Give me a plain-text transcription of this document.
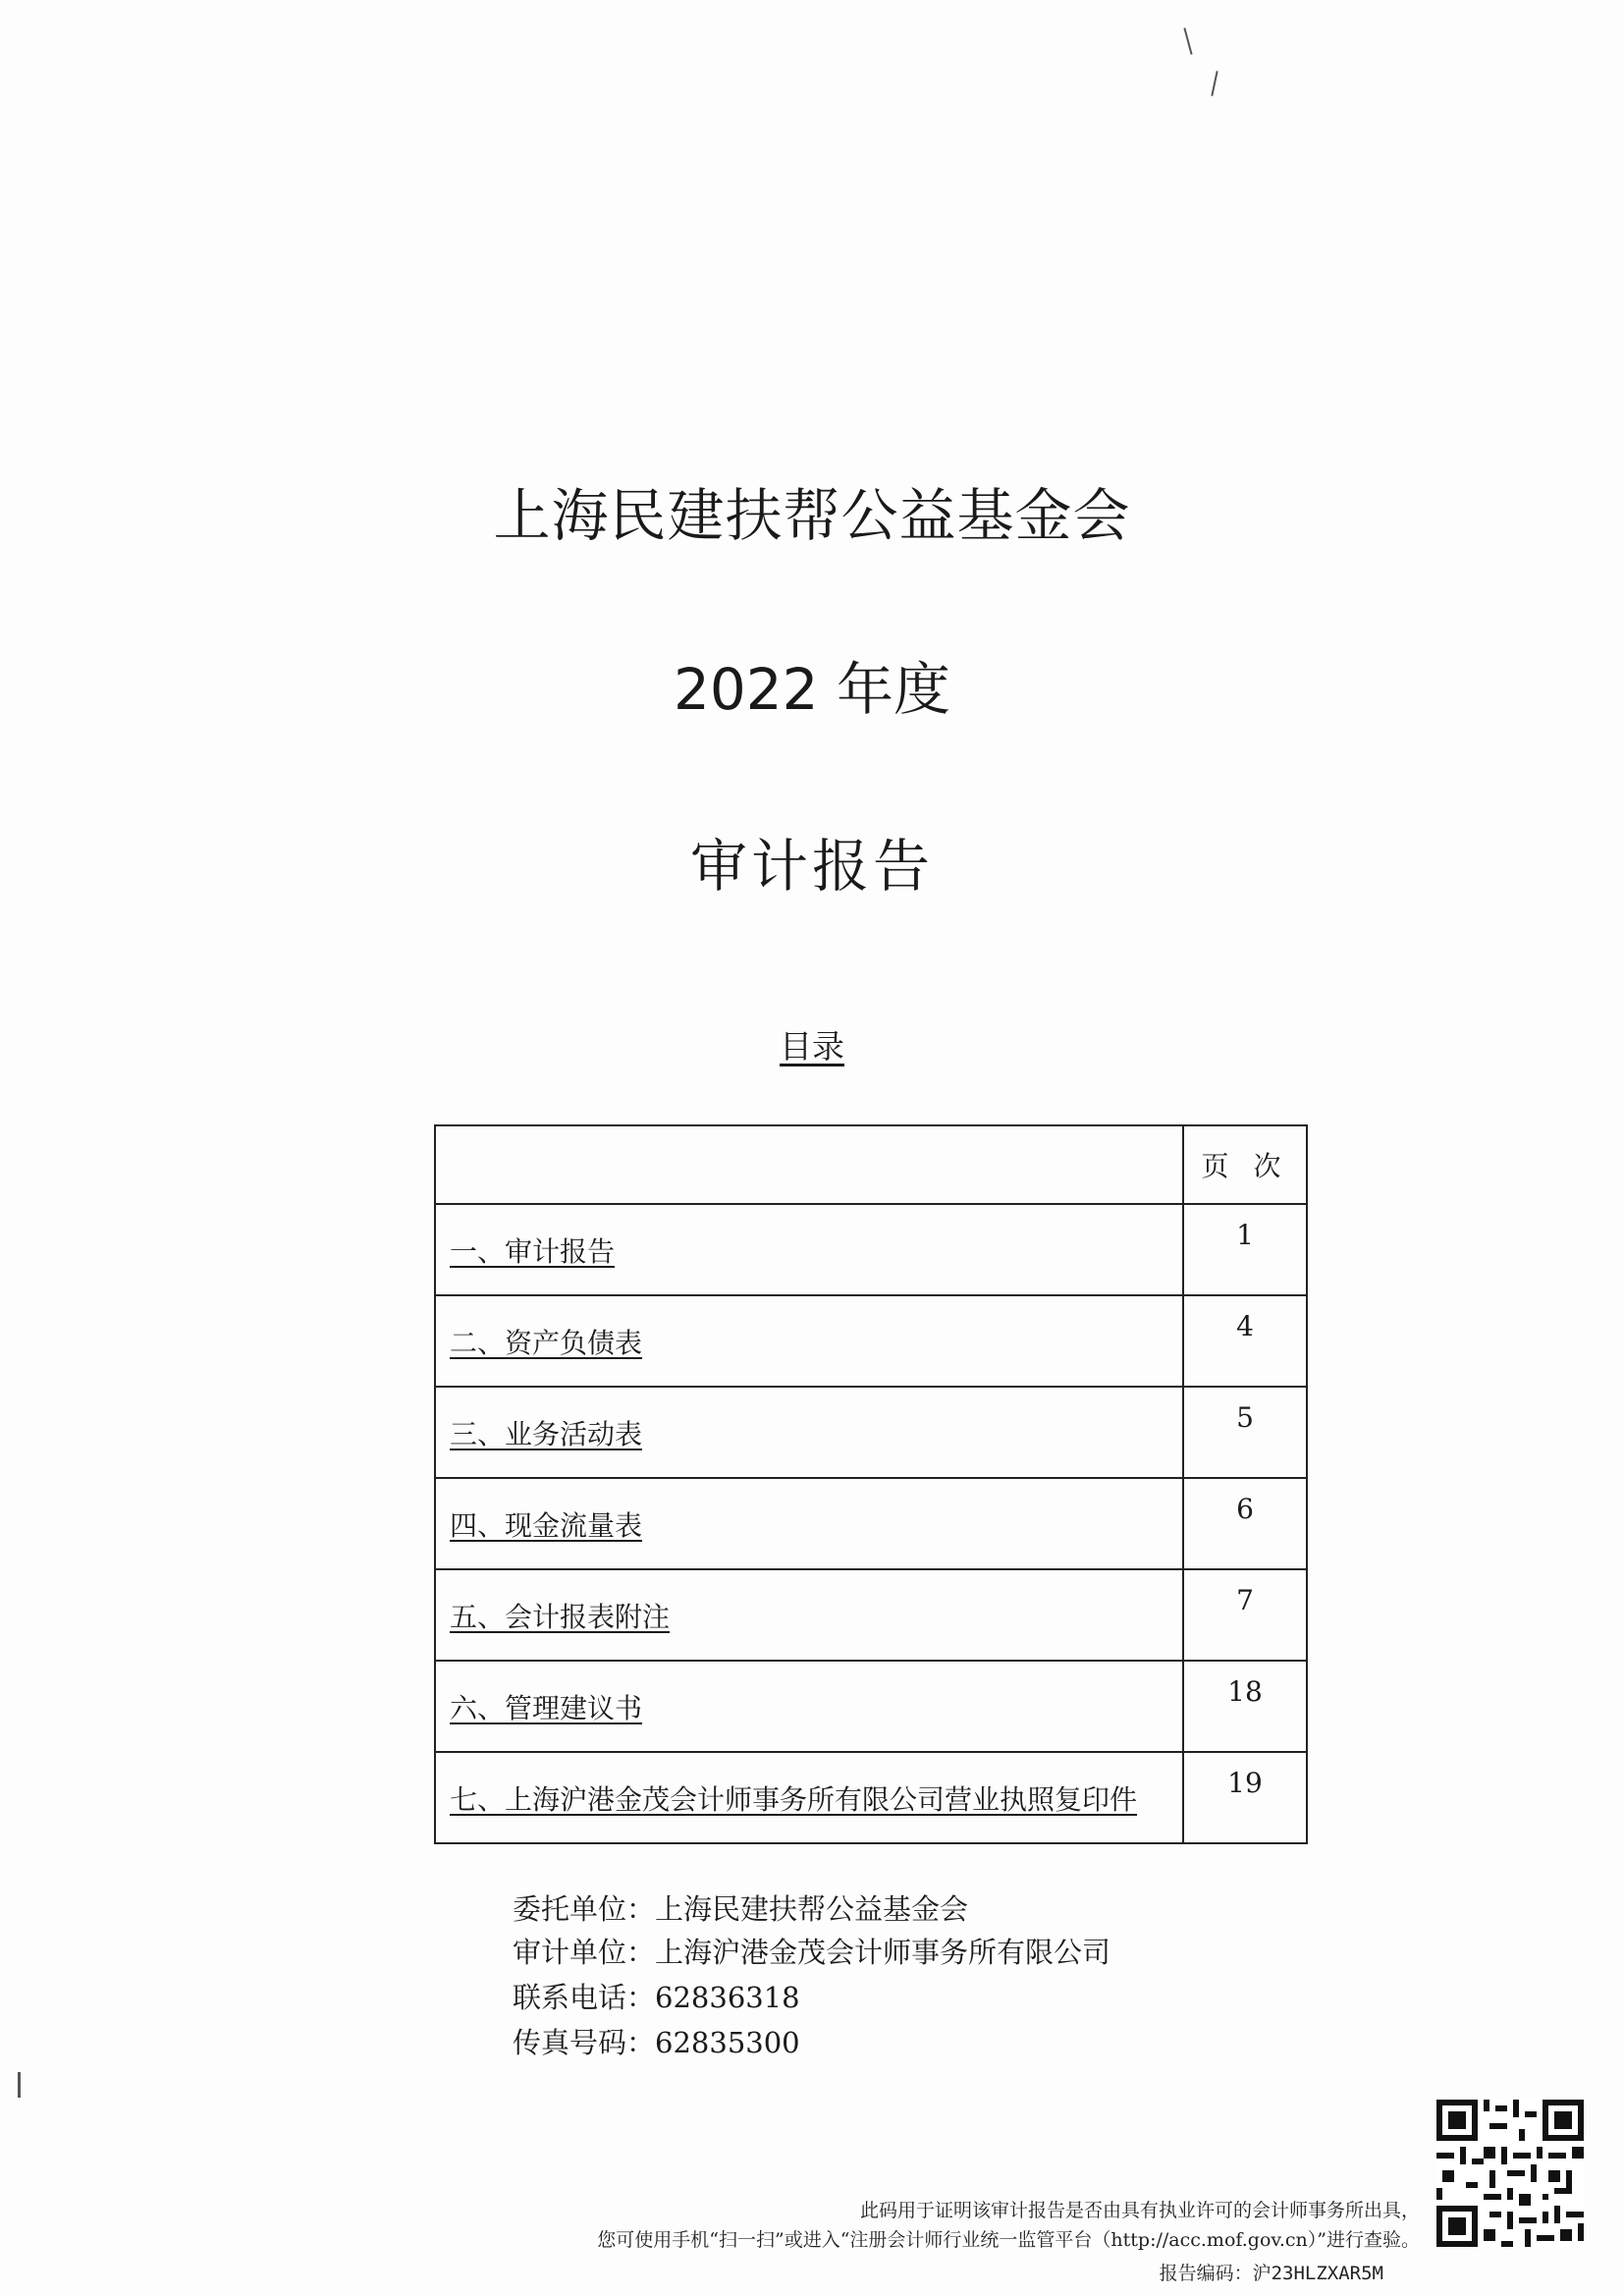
上海民建扶帮公益基金会
2022 年度
审计报告
目录
	页 次
一、审计报告	1
二、资产负债表	4
三、业务活动表	5
四、现金流量表	6
五、会计报表附注	7
六、管理建议书	18
七、上海沪港金茂会计师事务所有限公司营业执照复印件	19
委托单位：上海民建扶帮公益基金会
审计单位：上海沪港金茂会计师事务所有限公司
联系电话：62836318
传真号码：62835300
此码用于证明该审计报告是否由具有执业许可的会计师事务所出具，
您可使用手机“扫一扫”或进入“注册会计师行业统一监管平台（http://acc.mof.gov.cn）”进行查验。
报告编码：沪23HLZXAR5M
